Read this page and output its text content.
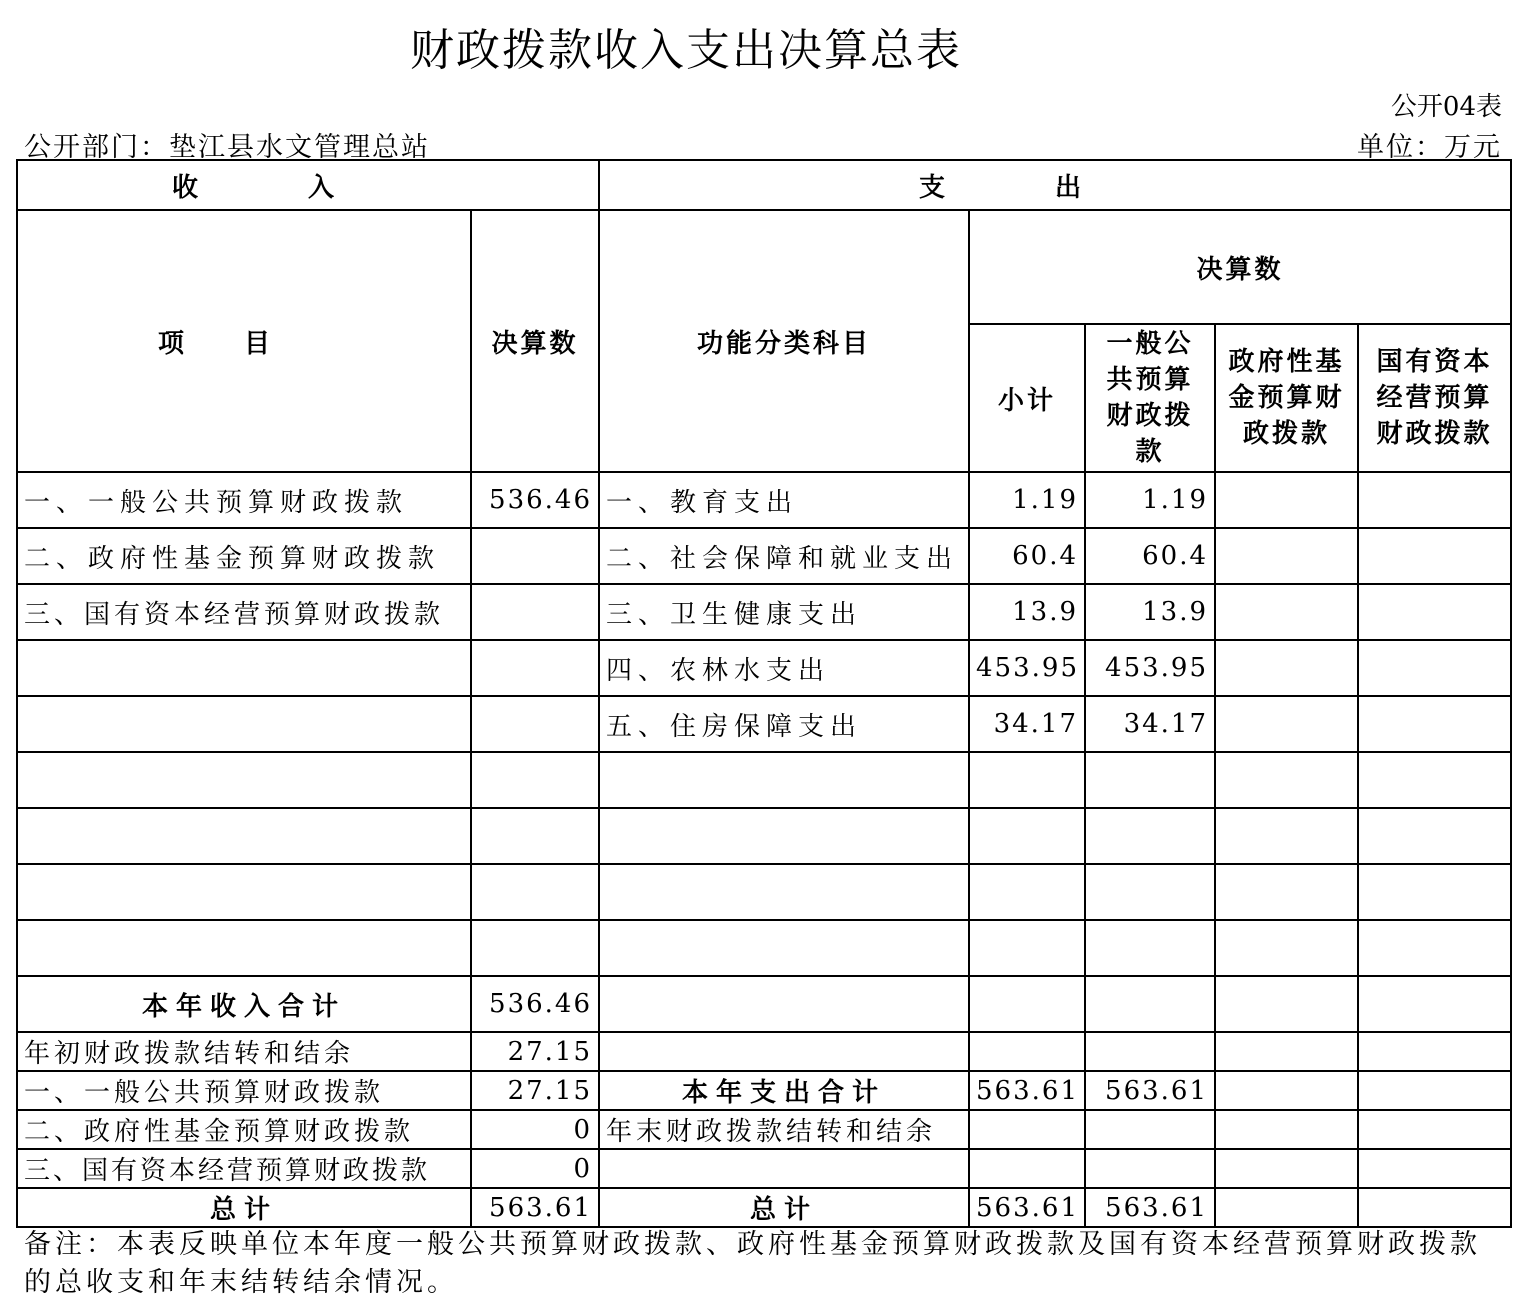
财政拨款收入支出决算总表
公开04表
公开部门：垫江县水文管理总站	单位：万元
收入		支出				
项目	决算数	功能分类科目	决算数			
			小计	一般公共预算财政拨款	政府性基金预算财政拨款	国有资本经营预算财政拨款
一、一般公共预算财政拨款	536.46	一、教育支出	1.19	1.19		
二、政府性基金预算财政拨款		二、社会保障和就业支出	60.4	60.4		
三、国有资本经营预算财政拨款		三、卫生健康支出	13.9	13.9		
		四、农林水支出	453.95	453.95		
		五、住房保障支出	34.17	34.17		

本年收入合计	536.46					
年初财政拨款结转和结余	27.15					
一、一般公共预算财政拨款	27.15	本年支出合计	563.61	563.61		
二、政府性基金预算财政拨款	0	年末财政拨款结转和结余				
三、国有资本经营预算财政拨款	0					
总计	563.61	总计	563.61	563.61		
备注：本表反映单位本年度一般公共预算财政拨款、政府性基金预算财政拨款及国有资本经营预算财政拨款的总收支和年末结转结余情况。
